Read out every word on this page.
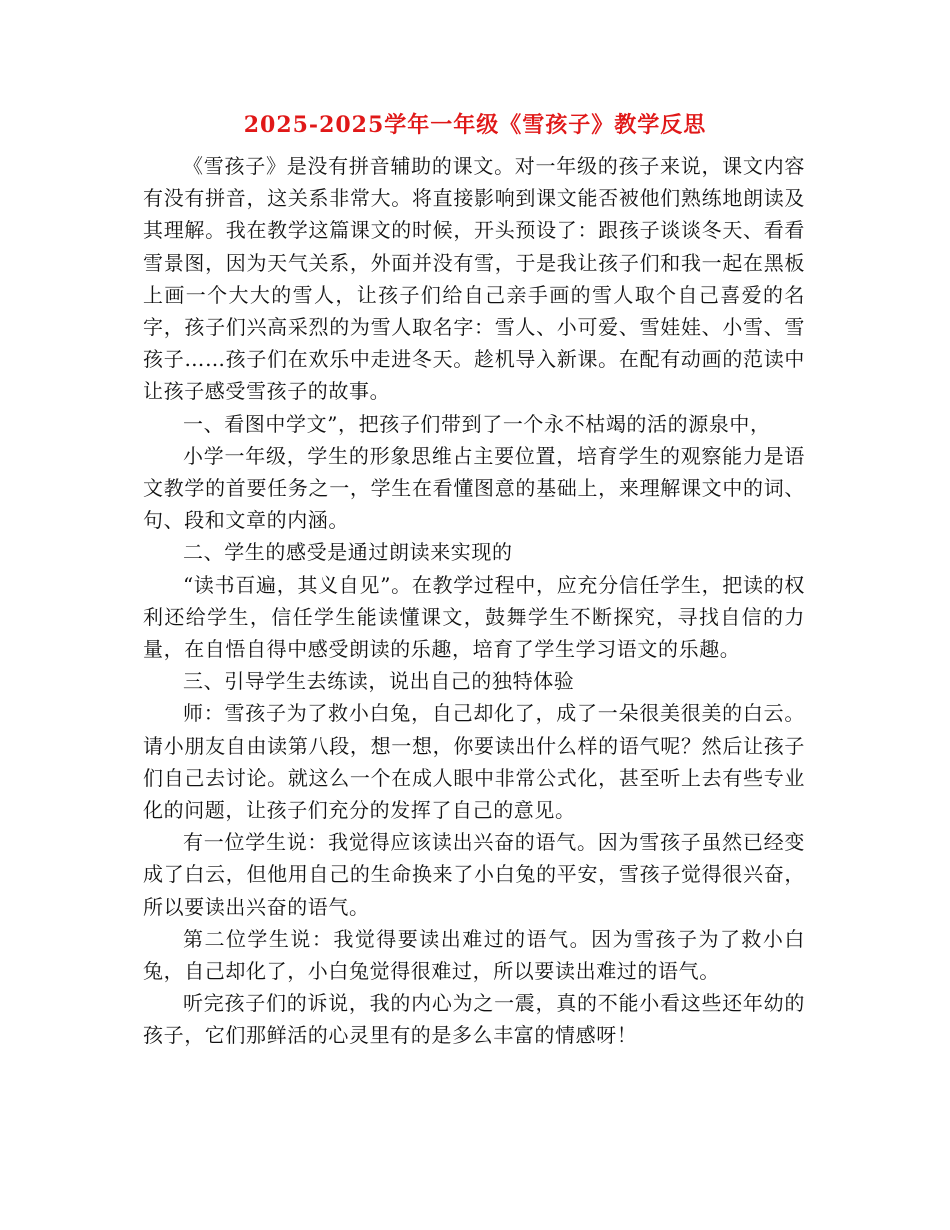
2025-2025学年一年级《雪孩子》教学反思

《雪孩子》是没有拼音辅助的课文。对一年级的孩子来说，课文内容有没有拼音，这关系非常大。将直接影响到课文能否被他们熟练地朗读及其理解。我在教学这篇课文的时候，开头预设了：跟孩子谈谈冬天、看看雪景图，因为天气关系，外面并没有雪，于是我让孩子们和我一起在黑板上画一个大大的雪人，让孩子们给自己亲手画的雪人取个自己喜爱的名字，孩子们兴高采烈的为雪人取名字：雪人、小可爱、雪娃娃、小雪、雪孩子……孩子们在欢乐中走进冬天。趁机导入新课。在配有动画的范读中让孩子感受雪孩子的故事。

一、看图中学文”，把孩子们带到了一个永不枯竭的活的源泉中，

小学一年级，学生的形象思维占主要位置，培育学生的观察能力是语文教学的首要任务之一，学生在看懂图意的基础上，来理解课文中的词、句、段和文章的内涵。

二、学生的感受是通过朗读来实现的

“读书百遍，其义自见”。在教学过程中，应充分信任学生，把读的权利还给学生，信任学生能读懂课文，鼓舞学生不断探究，寻找自信的力量，在自悟自得中感受朗读的乐趣，培育了学生学习语文的乐趣。

三、引导学生去练读，说出自己的独特体验

师：雪孩子为了救小白兔，自己却化了，成了一朵很美很美的白云。请小朋友自由读第八段，想一想，你要读出什么样的语气呢？然后让孩子们自己去讨论。就这么一个在成人眼中非常公式化，甚至听上去有些专业化的问题，让孩子们充分的发挥了自己的意见。

有一位学生说：我觉得应该读出兴奋的语气。因为雪孩子虽然已经变成了白云，但他用自己的生命换来了小白兔的平安，雪孩子觉得很兴奋，所以要读出兴奋的语气。

第二位学生说：我觉得要读出难过的语气。因为雪孩子为了救小白兔，自己却化了，小白兔觉得很难过，所以要读出难过的语气。

听完孩子们的诉说，我的内心为之一震，真的不能小看这些还年幼的孩子，它们那鲜活的心灵里有的是多么丰富的情感呀！
